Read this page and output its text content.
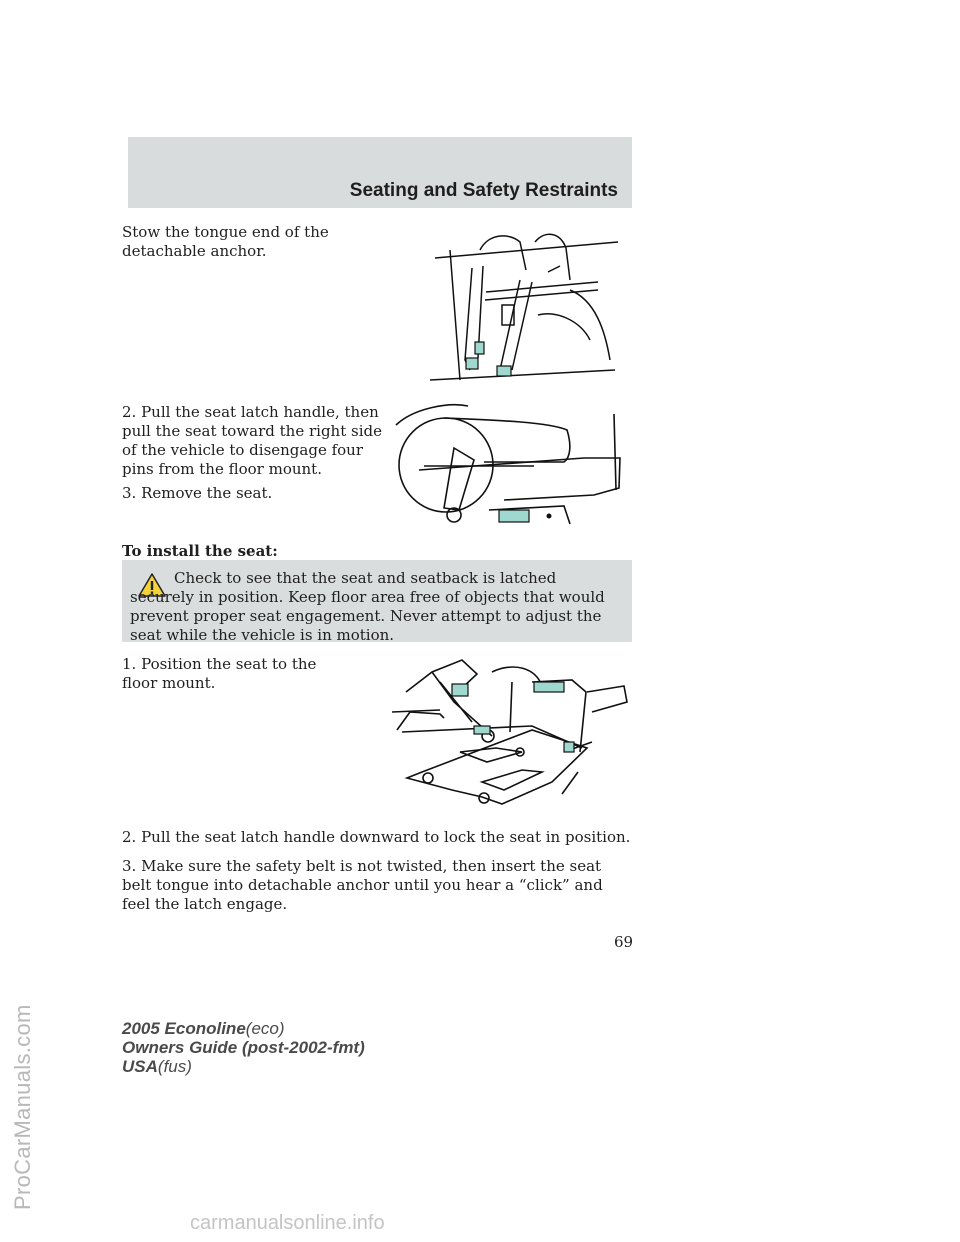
Seating and Safety Restraints
Stow the tongue end of the detachable anchor.
2. Pull the seat latch handle, then pull the seat toward the right side of the vehicle to disengage four pins from the floor mount.
3. Remove the seat.
To install the seat:
Check to see that the seat and seatback is latched securely in position. Keep floor area free of objects that would prevent proper seat engagement. Never attempt to adjust the seat while the vehicle is in motion.
1. Position the seat to the floor mount.
2. Pull the seat latch handle downward to lock the seat in position.
3. Make sure the safety belt is not twisted, then insert the seat belt tongue into detachable anchor until you hear a “click” and feel the latch engage.
69
2005 Econoline(eco)
Owners Guide (post-2002-fmt)
USA(fus)
ProCarManuals.com
carmanualsonline.info
